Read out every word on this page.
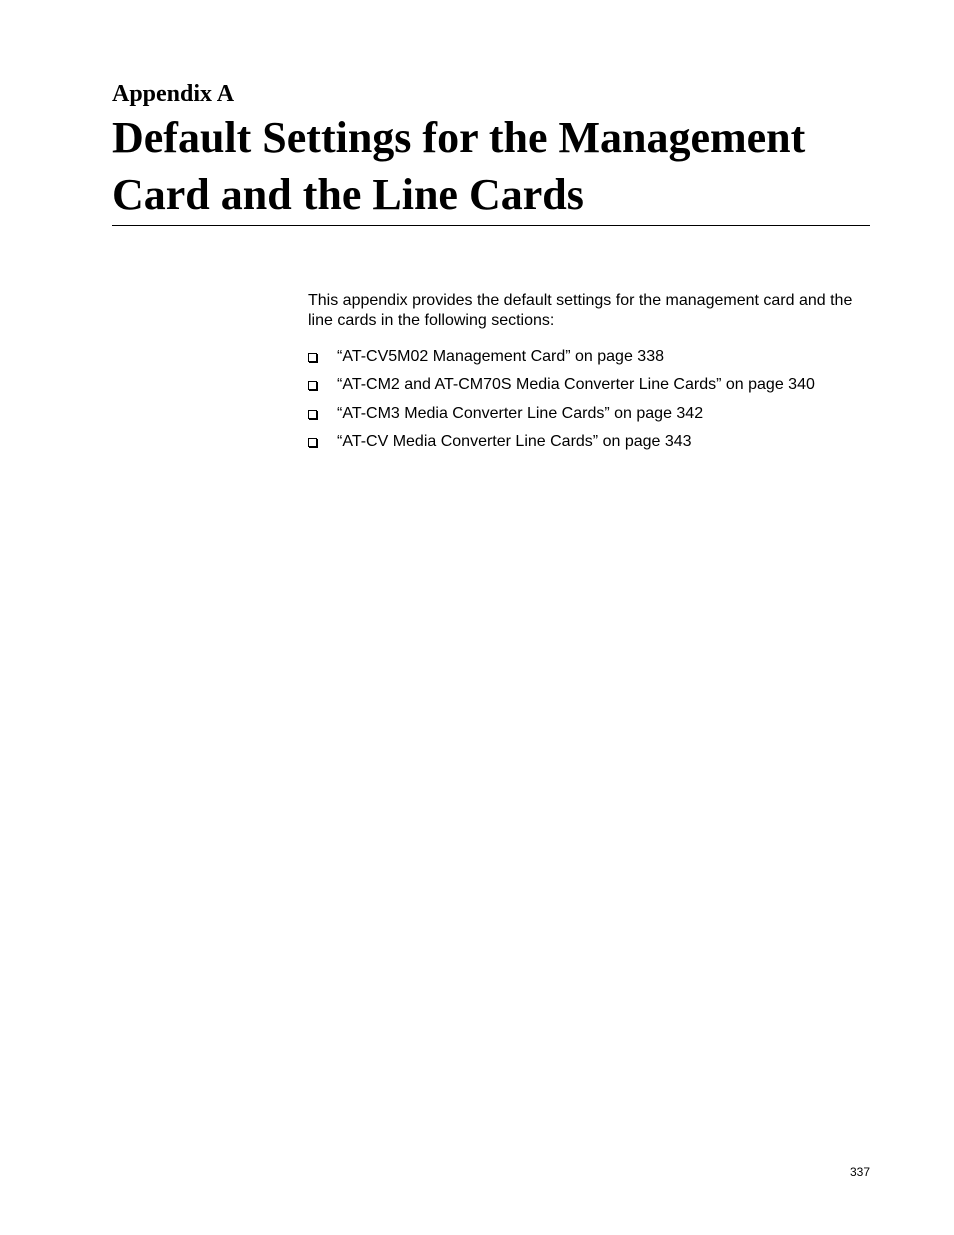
Appendix A
Default Settings for the Management
Card and the Line Cards

This appendix provides the default settings for the management card and the line cards in the following sections:

“AT-CV5M02 Management Card” on page 338
“AT-CM2 and AT-CM70S Media Converter Line Cards” on page 340
“AT-CM3 Media Converter Line Cards” on page 342
“AT-CV Media Converter Line Cards” on page 343

337
